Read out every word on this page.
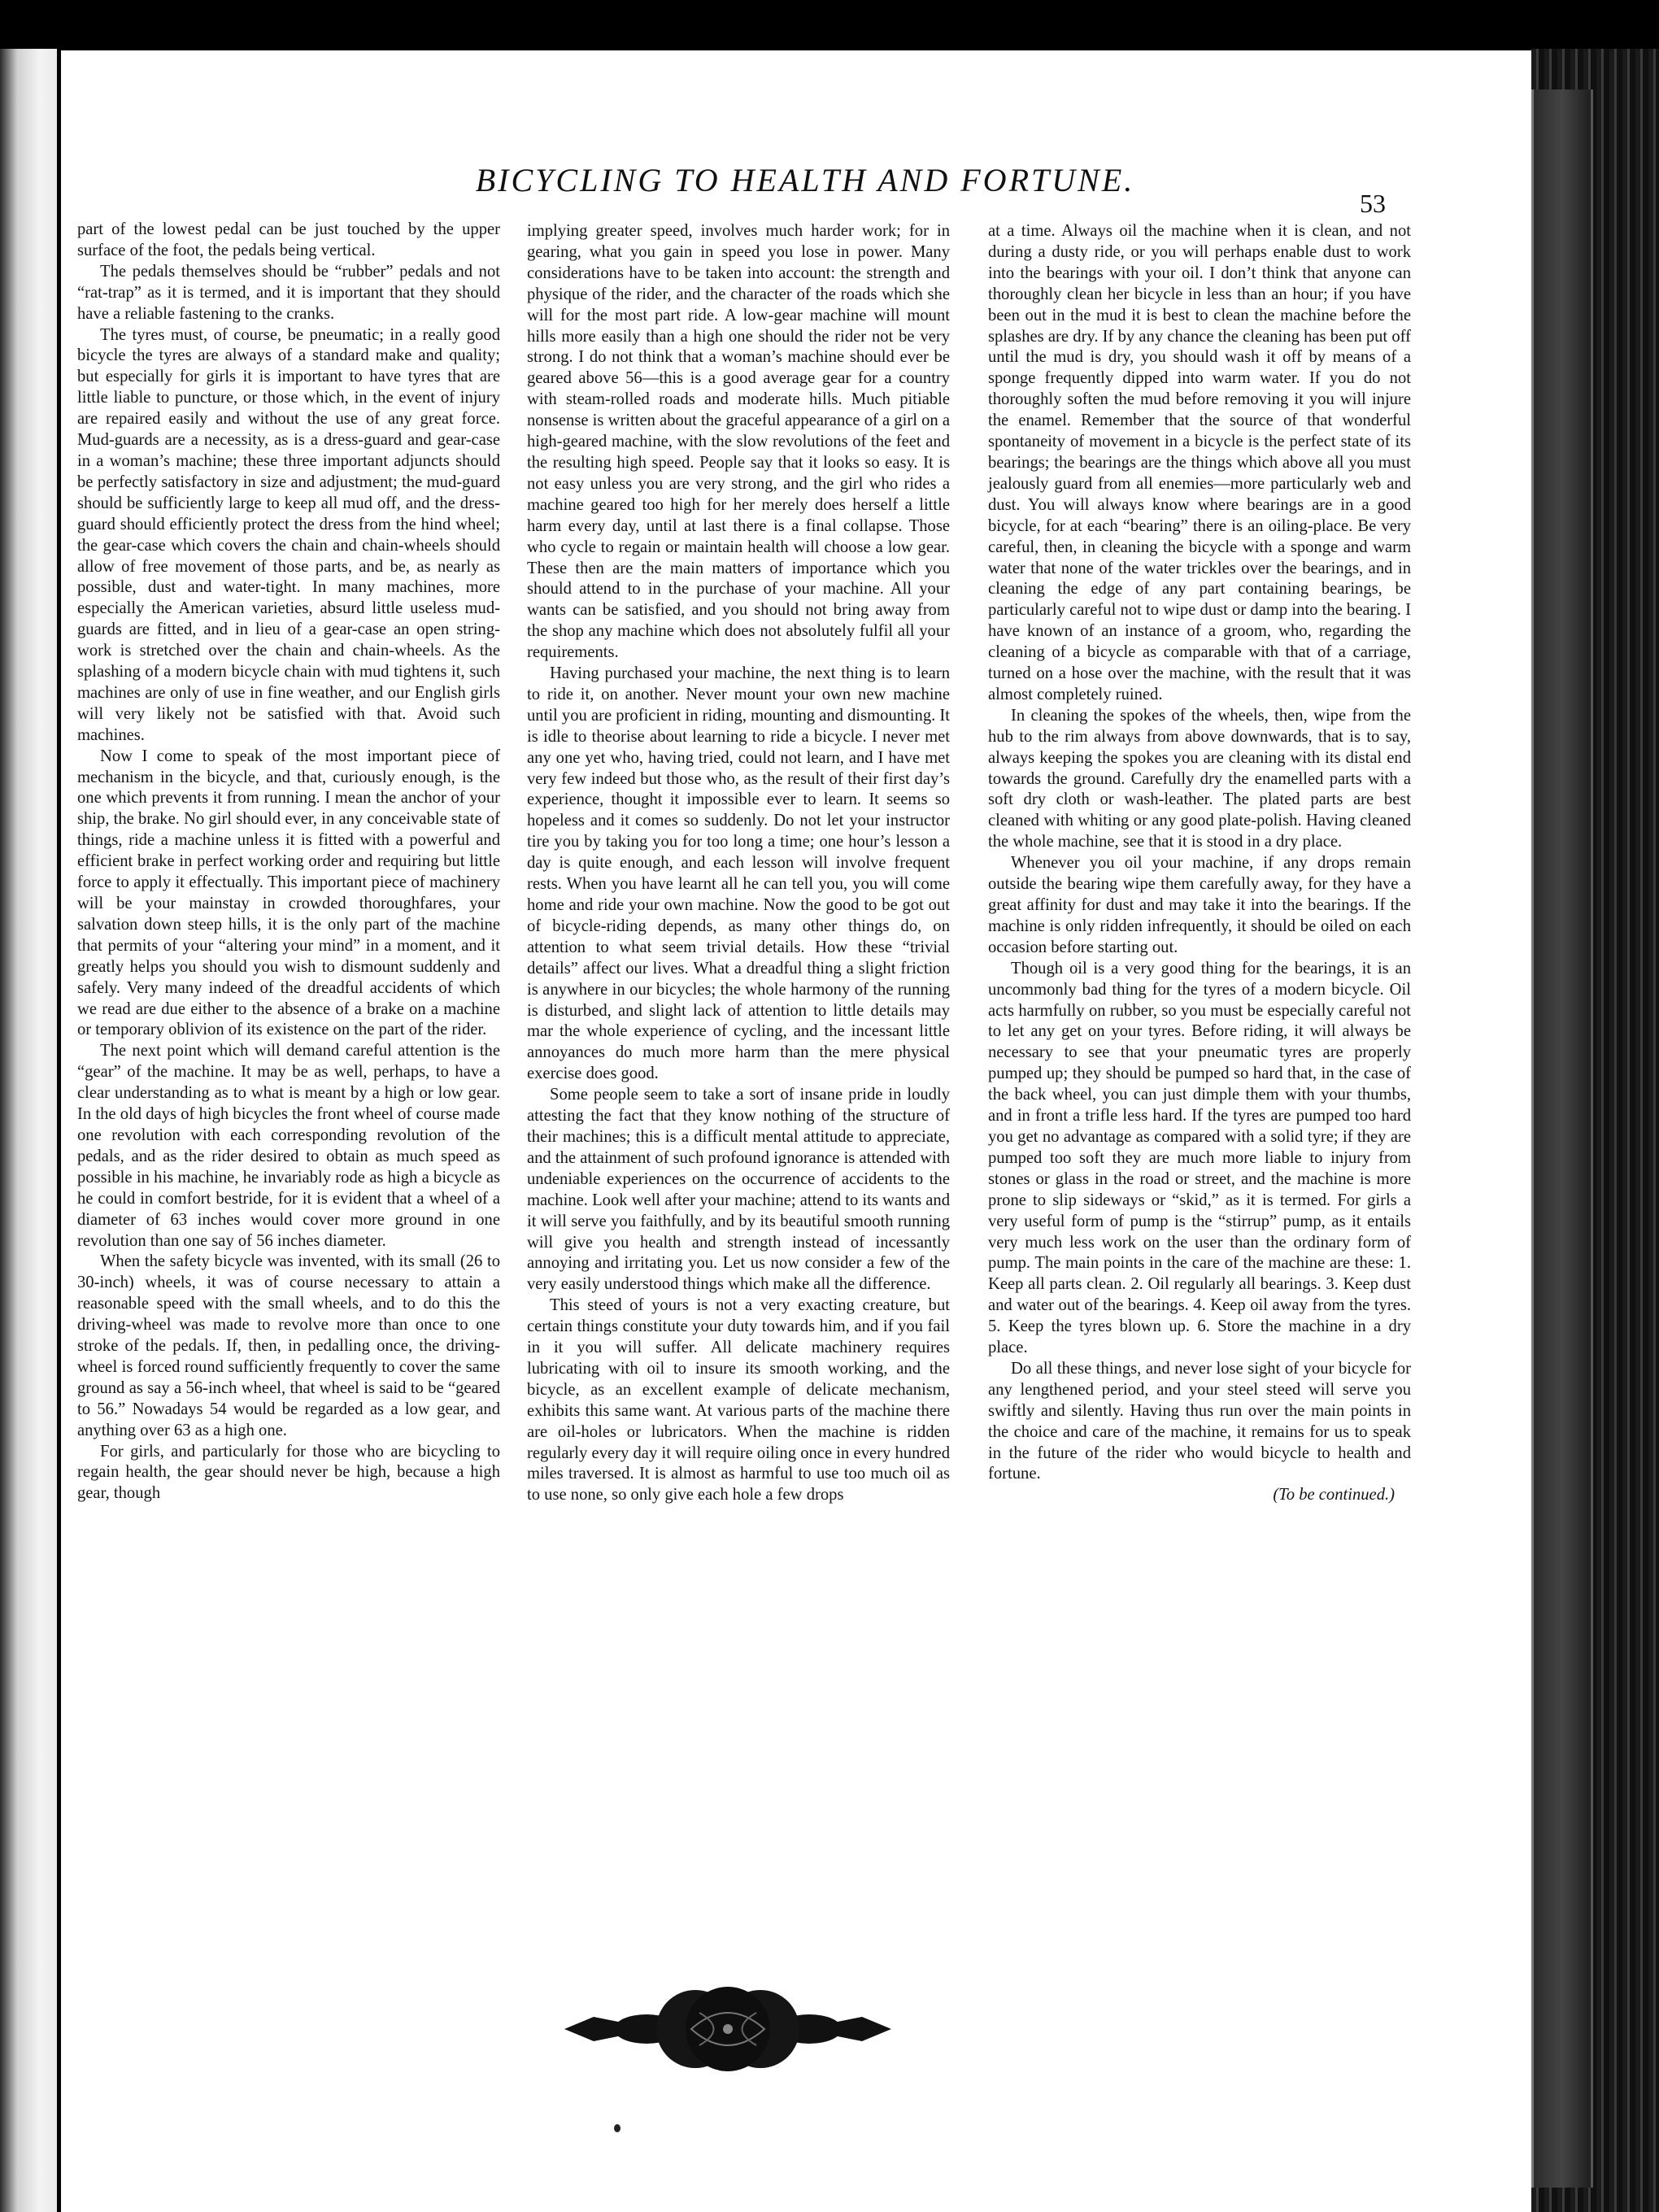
BICYCLING TO HEALTH AND FORTUNE.
53

part of the lowest pedal can be just touched by the upper surface of the foot, the pedals being vertical.

The pedals themselves should be “rubber” pedals and not “rat-trap” as it is termed, and it is important that they should have a reliable fastening to the cranks.

The tyres must, of course, be pneumatic; in a really good bicycle the tyres are always of a standard make and quality; but especially for girls it is important to have tyres that are little liable to puncture, or those which, in the event of injury are repaired easily and without the use of any great force. Mud-guards are a necessity, as is a dress-guard and gear-case in a woman’s machine; these three important adjuncts should be perfectly satisfactory in size and adjustment; the mud-guard should be sufficiently large to keep all mud off, and the dress-guard should efficiently protect the dress from the hind wheel; the gear-case which covers the chain and chain-wheels should allow of free movement of those parts, and be, as nearly as possible, dust and water-tight. In many machines, more especially the American varieties, absurd little useless mud-guards are fitted, and in lieu of a gear-case an open string-work is stretched over the chain and chain-wheels. As the splashing of a modern bicycle chain with mud tightens it, such machines are only of use in fine weather, and our English girls will very likely not be satisfied with that. Avoid such machines.

Now I come to speak of the most important piece of mechanism in the bicycle, and that, curiously enough, is the one which prevents it from running. I mean the anchor of your ship, the brake. No girl should ever, in any conceivable state of things, ride a machine unless it is fitted with a powerful and efficient brake in perfect working order and requiring but little force to apply it effectually. This important piece of machinery will be your mainstay in crowded thoroughfares, your salvation down steep hills, it is the only part of the machine that permits of your “altering your mind” in a moment, and it greatly helps you should you wish to dismount suddenly and safely. Very many indeed of the dreadful accidents of which we read are due either to the absence of a brake on a machine or temporary oblivion of its existence on the part of the rider.

The next point which will demand careful attention is the “gear” of the machine. It may be as well, perhaps, to have a clear understanding as to what is meant by a high or low gear. In the old days of high bicycles the front wheel of course made one revolution with each corresponding revolution of the pedals, and as the rider desired to obtain as much speed as possible in his machine, he invariably rode as high a bicycle as he could in comfort bestride, for it is evident that a wheel of a diameter of 63 inches would cover more ground in one revolution than one say of 56 inches diameter.

When the safety bicycle was invented, with its small (26 to 30-inch) wheels, it was of course necessary to attain a reasonable speed with the small wheels, and to do this the driving-wheel was made to revolve more than once to one stroke of the pedals. If, then, in pedalling once, the driving-wheel is forced round sufficiently frequently to cover the same ground as say a 56-inch wheel, that wheel is said to be “geared to 56.” Nowadays 54 would be regarded as a low gear, and anything over 63 as a high one.

For girls, and particularly for those who are bicycling to regain health, the gear should never be high, because a high gear, though

implying greater speed, involves much harder work; for in gearing, what you gain in speed you lose in power. Many considerations have to be taken into account: the strength and physique of the rider, and the character of the roads which she will for the most part ride. A low-gear machine will mount hills more easily than a high one should the rider not be very strong. I do not think that a woman’s machine should ever be geared above 56—this is a good average gear for a country with steam-rolled roads and moderate hills. Much pitiable nonsense is written about the graceful appearance of a girl on a high-geared machine, with the slow revolutions of the feet and the resulting high speed. People say that it looks so easy. It is not easy unless you are very strong, and the girl who rides a machine geared too high for her merely does herself a little harm every day, until at last there is a final collapse. Those who cycle to regain or maintain health will choose a low gear. These then are the main matters of importance which you should attend to in the purchase of your machine. All your wants can be satisfied, and you should not bring away from the shop any machine which does not absolutely fulfil all your requirements.

Having purchased your machine, the next thing is to learn to ride it, on another. Never mount your own new machine until you are proficient in riding, mounting and dismounting. It is idle to theorise about learning to ride a bicycle. I never met any one yet who, having tried, could not learn, and I have met very few indeed but those who, as the result of their first day’s experience, thought it impossible ever to learn. It seems so hopeless and it comes so suddenly. Do not let your instructor tire you by taking you for too long a time; one hour’s lesson a day is quite enough, and each lesson will involve frequent rests. When you have learnt all he can tell you, you will come home and ride your own machine. Now the good to be got out of bicycle-riding depends, as many other things do, on attention to what seem trivial details. How these “trivial details” affect our lives. What a dreadful thing a slight friction is anywhere in our bicycles; the whole harmony of the running is disturbed, and slight lack of attention to little details may mar the whole experience of cycling, and the incessant little annoyances do much more harm than the mere physical exercise does good.

Some people seem to take a sort of insane pride in loudly attesting the fact that they know nothing of the structure of their machines; this is a difficult mental attitude to appreciate, and the attainment of such profound ignorance is attended with undeniable experiences on the occurrence of accidents to the machine. Look well after your machine; attend to its wants and it will serve you faithfully, and by its beautiful smooth running will give you health and strength instead of incessantly annoying and irritating you. Let us now consider a few of the very easily understood things which make all the difference.

This steed of yours is not a very exacting creature, but certain things constitute your duty towards him, and if you fail in it you will suffer. All delicate machinery requires lubricating with oil to insure its smooth working, and the bicycle, as an excellent example of delicate mechanism, exhibits this same want. At various parts of the machine there are oil-holes or lubricators. When the machine is ridden regularly every day it will require oiling once in every hundred miles traversed. It is almost as harmful to use too much oil as to use none, so only give each hole a few drops

at a time. Always oil the machine when it is clean, and not during a dusty ride, or you will perhaps enable dust to work into the bearings with your oil. I don’t think that anyone can thoroughly clean her bicycle in less than an hour; if you have been out in the mud it is best to clean the machine before the splashes are dry. If by any chance the cleaning has been put off until the mud is dry, you should wash it off by means of a sponge frequently dipped into warm water. If you do not thoroughly soften the mud before removing it you will injure the enamel. Remember that the source of that wonderful spontaneity of movement in a bicycle is the perfect state of its bearings; the bearings are the things which above all you must jealously guard from all enemies—more particularly web and dust. You will always know where bearings are in a good bicycle, for at each “bearing” there is an oiling-place. Be very careful, then, in cleaning the bicycle with a sponge and warm water that none of the water trickles over the bearings, and in cleaning the edge of any part containing bearings, be particularly careful not to wipe dust or damp into the bearing. I have known of an instance of a groom, who, regarding the cleaning of a bicycle as comparable with that of a carriage, turned on a hose over the machine, with the result that it was almost completely ruined.

In cleaning the spokes of the wheels, then, wipe from the hub to the rim always from above downwards, that is to say, always keeping the spokes you are cleaning with its distal end towards the ground. Carefully dry the enamelled parts with a soft dry cloth or wash-leather. The plated parts are best cleaned with whiting or any good plate-polish. Having cleaned the whole machine, see that it is stood in a dry place.

Whenever you oil your machine, if any drops remain outside the bearing wipe them carefully away, for they have a great affinity for dust and may take it into the bearings. If the machine is only ridden infrequently, it should be oiled on each occasion before starting out.

Though oil is a very good thing for the bearings, it is an uncommonly bad thing for the tyres of a modern bicycle. Oil acts harmfully on rubber, so you must be especially careful not to let any get on your tyres. Before riding, it will always be necessary to see that your pneumatic tyres are properly pumped up; they should be pumped so hard that, in the case of the back wheel, you can just dimple them with your thumbs, and in front a trifle less hard. If the tyres are pumped too hard you get no advantage as compared with a solid tyre; if they are pumped too soft they are much more liable to injury from stones or glass in the road or street, and the machine is more prone to slip sideways or “skid,” as it is termed. For girls a very useful form of pump is the “stirrup” pump, as it entails very much less work on the user than the ordinary form of pump. The main points in the care of the machine are these: 1. Keep all parts clean. 2. Oil regularly all bearings. 3. Keep dust and water out of the bearings. 4. Keep oil away from the tyres. 5. Keep the tyres blown up. 6. Store the machine in a dry place.

Do all these things, and never lose sight of your bicycle for any lengthened period, and your steel steed will serve you swiftly and silently. Having thus run over the main points in the choice and care of the machine, it remains for us to speak in the future of the rider who would bicycle to health and fortune.

(To be continued.)
